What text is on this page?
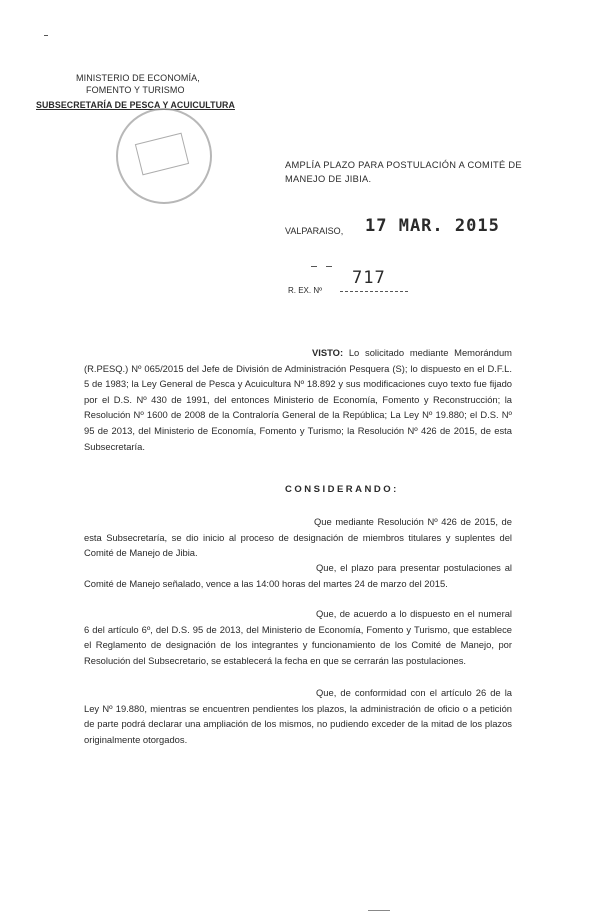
MINISTERIO DE ECONOMÍA,
FOMENTO Y TURISMO
SUBSECRETARÍA DE PESCA Y ACUICULTURA
AMPLÍA PLAZO PARA POSTULACIÓN A COMITÉ DE
MANEJO DE JIBIA.
VALPARAISO, 17 MAR. 2015
R. EX. Nº
717

VISTO: Lo solicitado mediante Memorándum (R.PESQ.) Nº 065/2015 del Jefe de División de Administración Pesquera (S); lo dispuesto en el D.F.L. 5 de 1983; la Ley General de Pesca y Acuicultura Nº 18.892 y sus modificaciones cuyo texto fue fijado por el D.S. Nº 430 de 1991, del entonces Ministerio de Economía, Fomento y Reconstrucción; la Resolución Nº 1600 de 2008 de la Contraloría General de la República; La Ley Nº 19.880; el D.S. Nº 95 de 2013, del Ministerio de Economía, Fomento y Turismo; la Resolución Nº 426 de 2015, de esta Subsecretaría.

CONSIDERANDO:

Que mediante Resolución Nº 426 de 2015, de esta Subsecretaría, se dio inicio al proceso de designación de miembros titulares y suplentes del Comité de Manejo de Jibia.

Que, el plazo para presentar postulaciones al Comité de Manejo señalado, vence a las 14:00 horas del martes 24 de marzo del 2015.

Que, de acuerdo a lo dispuesto en el numeral 6 del artículo 6º, del D.S. 95 de 2013, del Ministerio de Economía, Fomento y Turismo, que establece el Reglamento de designación de los integrantes y funcionamiento de los Comité de Manejo, por Resolución del Subsecretario, se establecerá la fecha en que se cerrarán las postulaciones.

Que, de conformidad con el artículo 26 de la Ley Nº 19.880, mientras se encuentren pendientes los plazos, la administración de oficio o a petición de parte podrá declarar una ampliación de los mismos, no pudiendo exceder de la mitad de los plazos originalmente otorgados.
